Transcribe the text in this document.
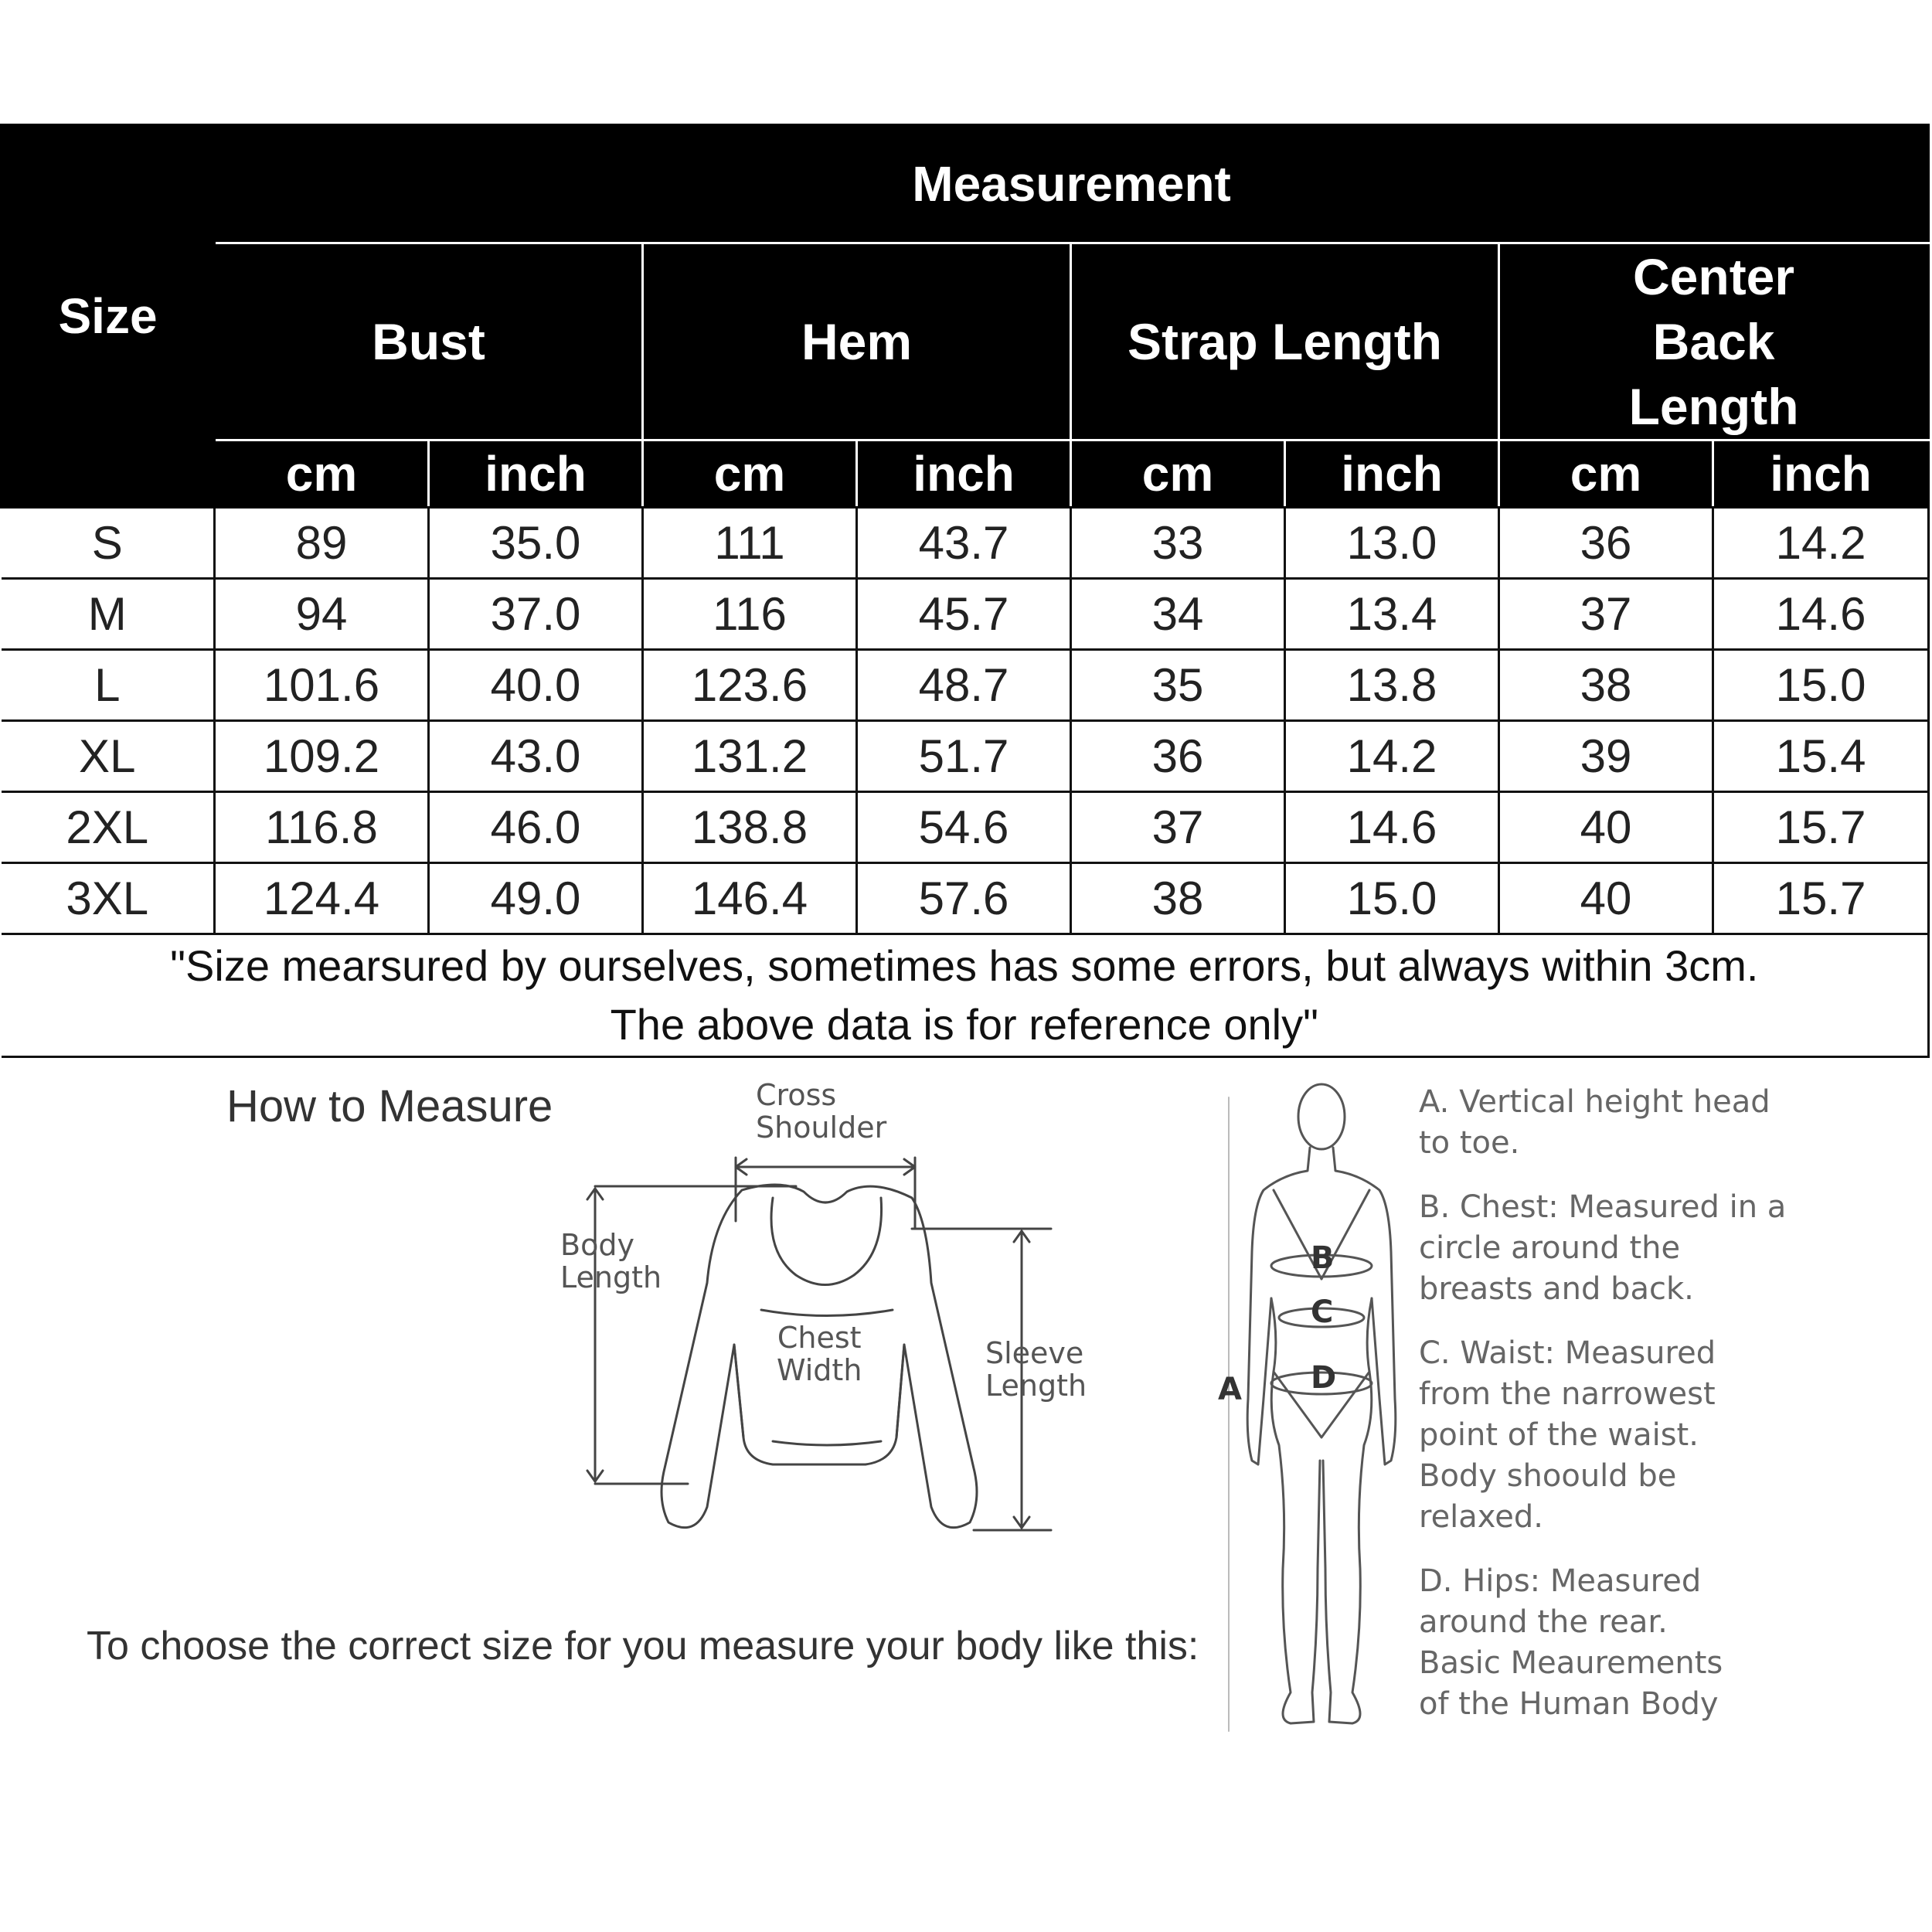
Size	Measurement							
	Bust		Hem		Strap Length		Center Back Length	
	cm	inch	cm	inch	cm	inch	cm	inch
S	89	35.0	111	43.7	33	13.0	36	14.2
M	94	37.0	116	45.7	34	13.4	37	14.6
L	101.6	40.0	123.6	48.7	35	13.8	38	15.0
XL	109.2	43.0	131.2	51.7	36	14.2	39	15.4
2XL	116.8	46.0	138.8	54.6	37	14.6	40	15.7
3XL	124.4	49.0	146.4	57.6	38	15.0	40	15.7

"Size mearsured by ourselves, sometimes has some errors, but always within 3cm.
The above data is for reference only"								
How to Measure	Cross
Shoulder
Body
Length
Chest
Width	Sleeve
Length
To choose the correct size for you measure your body like this:
B
C
D
A
A. Vertical height head
to toe.
B. Chest: Measured in a
circle around the
breasts and back.
C. Waist: Measured
from the narrowest
point of the waist.
Body shoould be
relaxed.
D. Hips: Measured
around the rear.
Basic Meaurements
of the Human Body
